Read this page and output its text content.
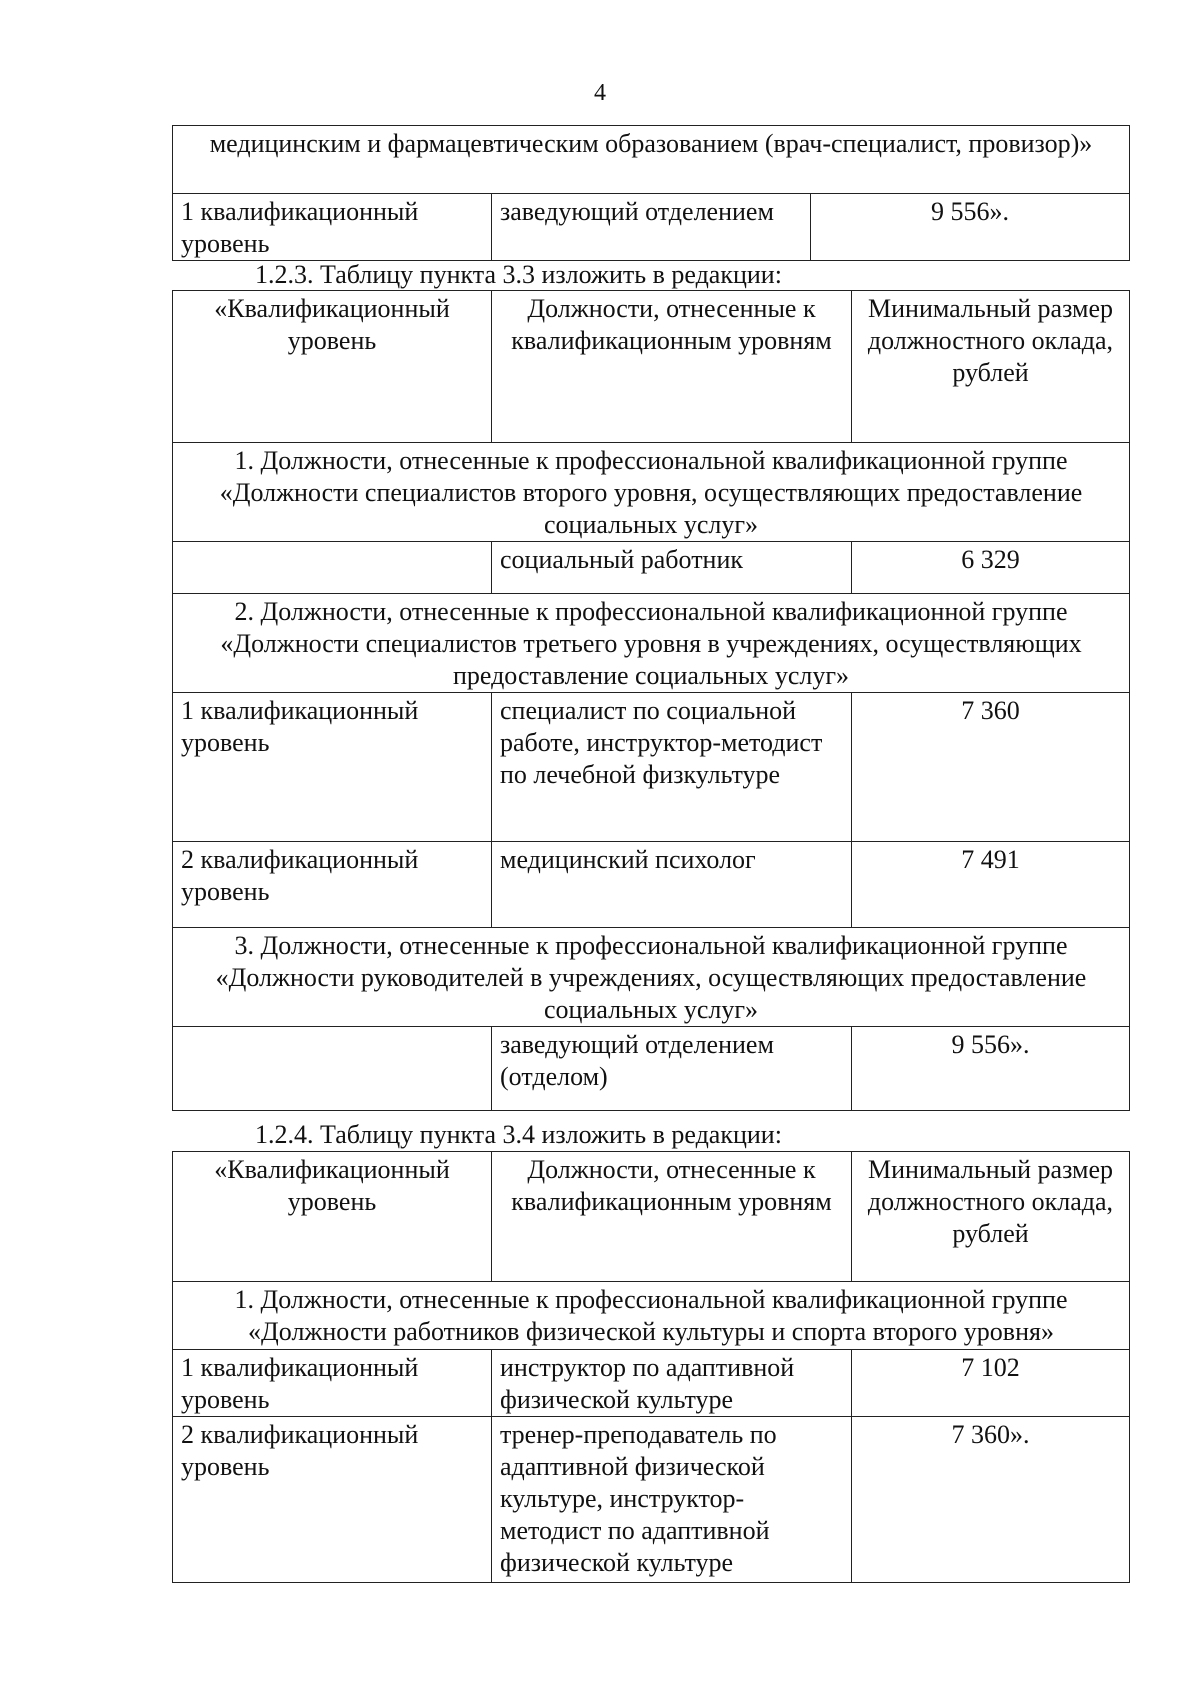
4
медицинским и фармацевтическим образованием (врач-специалист, провизор)»
1 квалификационный уровень	заведующий отделением	9 556».
1.2.3. Таблицу пункта 3.3 изложить в редакции:
«Квалификационный уровень	Должности, отнесенные к квалификационным уровням	Минимальный размер должностного оклада, рублей
1. Должности, отнесенные к профессиональной квалификационной группе «Должности специалистов второго уровня, осуществляющих предоставление социальных услуг»		
	социальный работник	6 329
2. Должности, отнесенные к профессиональной квалификационной группе «Должности специалистов третьего уровня в учреждениях, осуществляющих предоставление социальных услуг»		
1 квалификационный уровень	специалист по социальной работе, инструктор-методист по лечебной физкультуре	7 360
2 квалификационный уровень	медицинский психолог	7 491
3. Должности, отнесенные к профессиональной квалификационной группе «Должности руководителей в учреждениях, осуществляющих предоставление социальных услуг»		
	заведующий отделением (отделом)	9 556».
1.2.4. Таблицу пункта 3.4 изложить в редакции:
«Квалификационный уровень	Должности, отнесенные к квалификационным уровням	Минимальный размер должностного оклада, рублей
1. Должности, отнесенные к профессиональной квалификационной группе «Должности работников физической культуры и спорта второго уровня»		
1 квалификационный уровень	инструктор по адаптивной физической культуре	7 102
2 квалификационный уровень	тренер-преподаватель по адаптивной физической культуре, инструктор-методист по адаптивной физической культуре	7 360».
